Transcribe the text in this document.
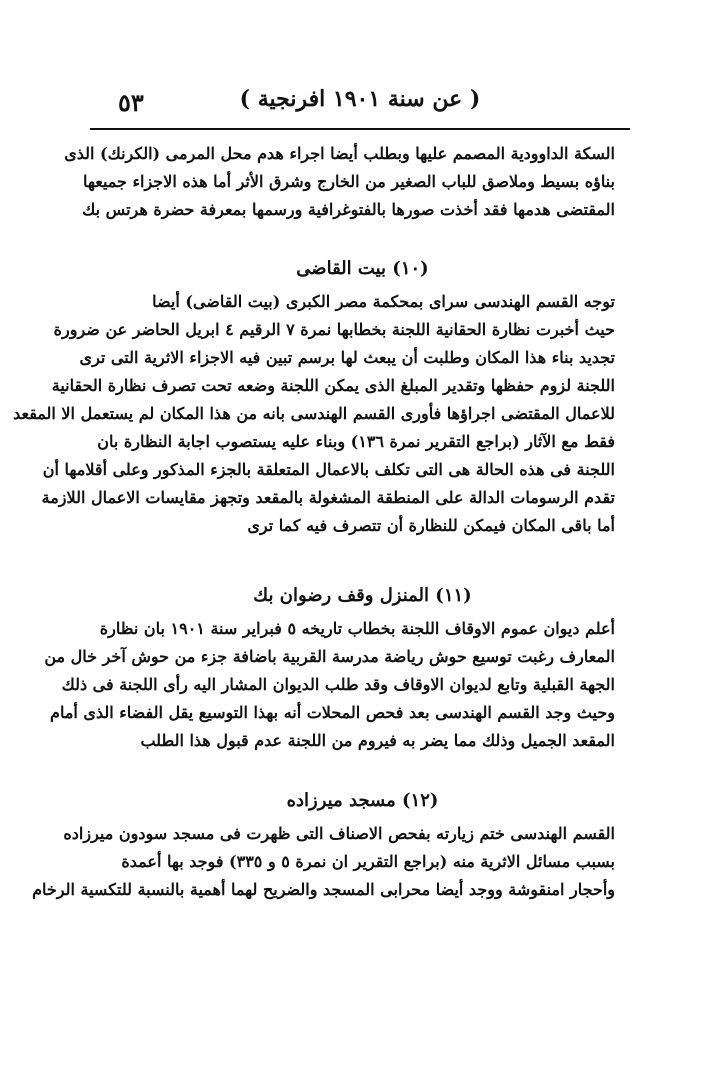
( عن سنة ١٩٠١ افرنجية )
٥٣
السكة الداوودية المصمم عليها وبطلب أيضا اجراء هدم محل المرمى (الكرنك) الذى
بناؤه بسيط وملاصق للباب الصغير من الخارج وشرق الأثر أما هذه الاجزاء جميعها
المقتضى هدمها فقد أخذت صورها بالفتوغرافية ورسمها بمعرفة حضرة هرتس بك
(١٠) بيت القاضى
توجه القسم الهندسى سراى بمحكمة مصر الكبرى (بيت القاضى) أيضا
حيث أخبرت نظارة الحقانية اللجنة بخطابها نمرة ٧ الرقيم ٤ ابريل الحاضر عن ضرورة
تجديد بناء هذا المكان وطلبت أن يبعث لها برسم تبين فيه الاجزاء الاثرية التى ترى
اللجنة لزوم حفظها وتقدير المبلغ الذى يمكن اللجنة وضعه تحت تصرف نظارة الحقانية
للاعمال المقتضى اجراؤها فأورى القسم الهندسى بانه من هذا المكان لم يستعمل الا المقعد
فقط مع الآثار (براجع التقرير نمرة ١٣٦) وبناء عليه يستصوب اجابة النظارة بان
اللجنة فى هذه الحالة هى التى تكلف بالاعمال المتعلقة بالجزء المذكور وعلى أقلامها أن
تقدم الرسومات الدالة على المنطقة المشغولة بالمقعد وتجهز مقايسات الاعمال اللازمة
أما باقى المكان فيمكن للنظارة أن تتصرف فيه كما ترى
(١١) المنزل وقف رضوان بك
أعلم ديوان عموم الاوقاف اللجنة بخطاب تاريخه ٥ فبراير سنة ١٩٠١ بان نظارة
المعارف رغبت توسيع حوش رياضة مدرسة القربية باضافة جزء من حوش آخر خال من
الجهة القبلية وتابع لديوان الاوقاف وقد طلب الديوان المشار اليه رأى اللجنة فى ذلك
وحيث وجد القسم الهندسى بعد فحص المحلات أنه بهذا التوسيع يقل الفضاء الذى أمام
المقعد الجميل وذلك مما يضر به فيروم من اللجنة عدم قبول هذا الطلب
(١٢) مسجد ميرزاده
القسم الهندسى ختم زيارته بفحص الاصناف التى ظهرت فى مسجد سودون ميرزاده
بسبب مسائل الاثرية منه (براجع التقرير ان نمرة ٥ و ٣٣٥) فوجد بها أعمدة
وأحجار امنقوشة ووجد أيضا محرابى المسجد والضريح لهما أهمية بالنسبة للتكسية الرخام
